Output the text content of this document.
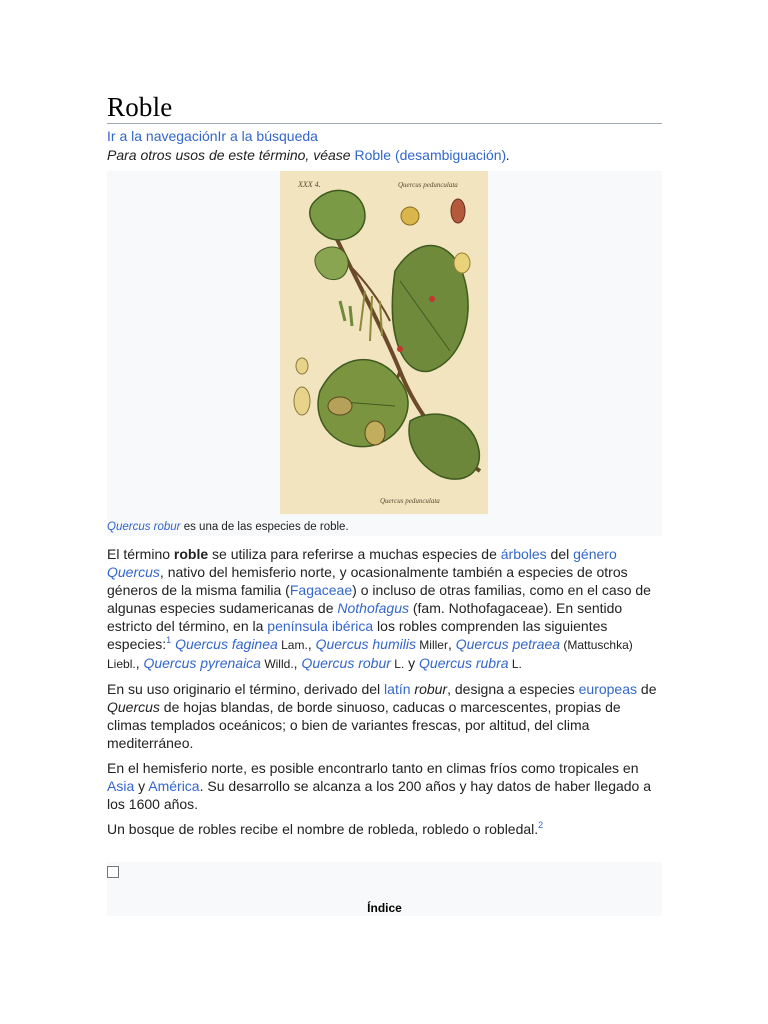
Roble
Ir a la navegaciónIr a la búsqueda
Para otros usos de este término, véase Roble (desambiguación).
XXX 4.	Quercus pedunculata
Quercus pedunculata
Quercus robur es una de las especies de roble.

El término roble se utiliza para referirse a muchas especies de árboles del género Quercus, nativo del hemisferio norte, y ocasionalmente también a especies de otros géneros de la misma familia (Fagaceae) o incluso de otras familias, como en el caso de algunas especies sudamericanas de Nothofagus (fam. Nothofagaceae). En sentido estricto del término, en la península ibérica los robles comprenden las siguientes especies:$^1$ Quercus faginea Lam., Quercus humilis Miller, Quercus petraea (Mattuschka) Liebl., Quercus pyrenaica Willd., Quercus robur L. y Quercus rubra L.

En su uso originario el término, derivado del latín robur, designa a especies europeas de Quercus de hojas blandas, de borde sinuoso, caducas o marcescentes, propias de climas templados oceánicos; o bien de variantes frescas, por altitud, del clima mediterráneo.

En el hemisferio norte, es posible encontrarlo tanto en climas fríos como tropicales en Asia y América. Su desarrollo se alcanza a los 200 años y hay datos de haber llegado a los 1600 años.

Un bosque de robles recibe el nombre de robleda, robledo o robledal.$^2$

Índice
